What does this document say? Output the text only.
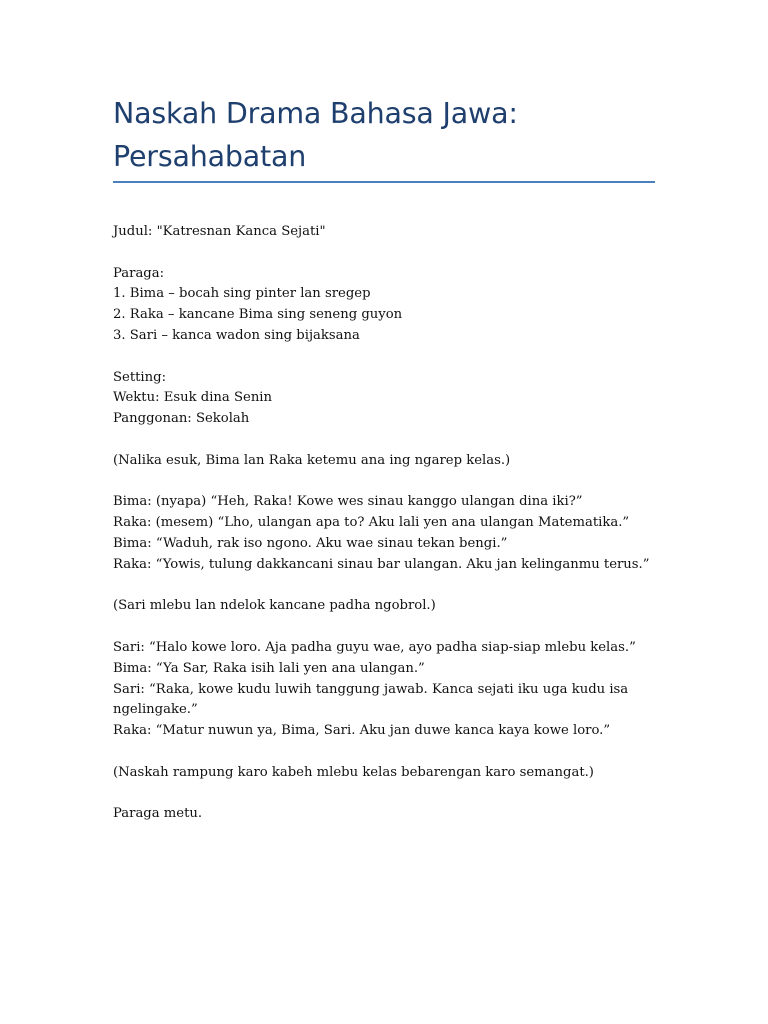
Naskah Drama Bahasa Jawa:
Persahabatan
Judul: "Katresnan Kanca Sejati"
Paraga:
1. Bima – bocah sing pinter lan sregep
2. Raka – kancane Bima sing seneng guyon
3. Sari – kanca wadon sing bijaksana
Setting:
Wektu: Esuk dina Senin
Panggonan: Sekolah
(Nalika esuk, Bima lan Raka ketemu ana ing ngarep kelas.)
Bima: (nyapa) “Heh, Raka! Kowe wes sinau kanggo ulangan dina iki?”
Raka: (mesem) “Lho, ulangan apa to? Aku lali yen ana ulangan Matematika.”
Bima: “Waduh, rak iso ngono. Aku wae sinau tekan bengi.”
Raka: “Yowis, tulung dakkancani sinau bar ulangan. Aku jan kelinganmu terus.”
(Sari mlebu lan ndelok kancane padha ngobrol.)
Sari: “Halo kowe loro. Aja padha guyu wae, ayo padha siap-siap mlebu kelas.”
Bima: “Ya Sar, Raka isih lali yen ana ulangan.”
Sari: “Raka, kowe kudu luwih tanggung jawab. Kanca sejati iku uga kudu isa
ngelingake.”
Raka: “Matur nuwun ya, Bima, Sari. Aku jan duwe kanca kaya kowe loro.”
(Naskah rampung karo kabeh mlebu kelas bebarengan karo semangat.)
Paraga metu.
